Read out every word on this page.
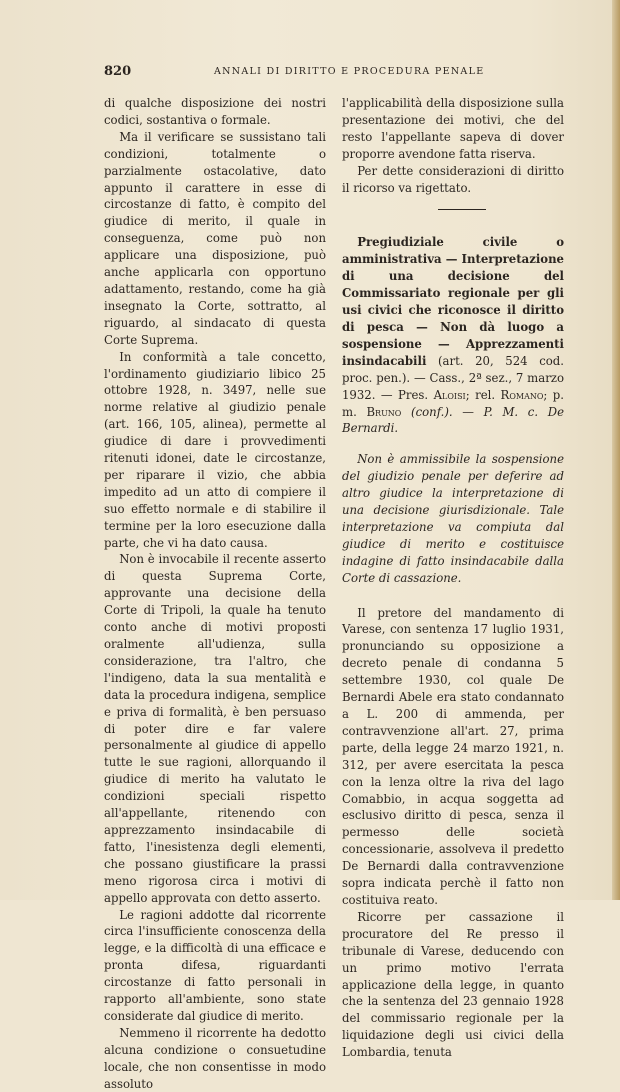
820	ANNALI DI DIRITTO E PROCEDURA PENALE

di qualche disposizione dei nostri codici, sostantiva o formale.

Ma il verificare se sussistano tali condizioni, totalmente o parzialmente ostacolative, dato appunto il carattere in esse di circostanze di fatto, è compito del giudice di merito, il quale in conseguenza, come può non applicare una disposizione, può anche applicarla con opportuno adattamento, restando, come ha già insegnato la Corte, sottratto, al riguardo, al sindacato di questa Corte Suprema.

In conformità a tale concetto, l'ordinamento giudiziario libico 25 ottobre 1928, n. 3497, nelle sue norme relative al giudizio penale (art. 166, 105, alinea), permette al giudice di dare i provvedimenti ritenuti idonei, date le circostanze, per riparare il vizio, che abbia impedito ad un atto di compiere il suo effetto normale e di stabilire il termine per la loro esecuzione dalla parte, che vi ha dato causa.

Non è invocabile il recente asserto di questa Suprema Corte, approvante una decisione della Corte di Tripoli, la quale ha tenuto conto anche di motivi proposti oralmente all'udienza, sulla considerazione, tra l'altro, che l'indigeno, data la sua mentalità e data la procedura indigena, semplice e priva di formalità, è ben persuaso di poter dire e far valere personalmente al giudice di appello tutte le sue ragioni, allorquando il giudice di merito ha valutato le condizioni speciali rispetto all'appellante, ritenendo con apprezzamento insindacabile di fatto, l'inesistenza degli elementi, che possano giustificare la prassi meno rigorosa circa i motivi di appello approvata con detto asserto.

Le ragioni addotte dal ricorrente circa l'insufficiente conoscenza della legge, e la difficoltà di una efficace e pronta difesa, riguardanti circostanze di fatto personali in rapporto all'ambiente, sono state considerate dal giudice di merito.

Nemmeno il ricorrente ha dedotto alcuna condizione o consuetudine locale, che non consentisse in modo assoluto

l'applicabilità della disposizione sulla presentazione dei motivi, che del resto l'appellante sapeva di dover proporre avendone fatta riserva.

Per dette considerazioni di diritto il ricorso va rigettato.

Pregiudiziale civile o amministrativa — Interpretazione di una decisione del Commissariato regionale per gli usi civici che riconosce il diritto di pesca — Non dà luogo a sospensione — Apprezzamenti insindacabili (art. 20, 524 cod. proc. pen.). — Cass., 2ª sez., 7 marzo 1932. — Pres. Aloisi; rel. Romano; p. m. Bruno (conf.). — P. M. c. De Bernardi.

Non è ammissibile la sospensione del giudizio penale per deferire ad altro giudice la interpretazione di una decisione giurisdizionale. Tale interpretazione va compiuta dal giudice di merito e costituisce indagine di fatto insindacabile dalla Corte di cassazione.

Il pretore del mandamento di Varese, con sentenza 17 luglio 1931, pronunciando su opposizione a decreto penale di condanna 5 settembre 1930, col quale De Bernardi Abele era stato condannato a L. 200 di ammenda, per contravvenzione all'art. 27, prima parte, della legge 24 marzo 1921, n. 312, per avere esercitata la pesca con la lenza oltre la riva del lago Comabbio, in acqua soggetta ad esclusivo diritto di pesca, senza il permesso delle società concessionarie, assolveva il predetto De Bernardi dalla contravvenzione sopra indicata perchè il fatto non costituiva reato.

Ricorre per cassazione il procuratore del Re presso il tribunale di Varese, deducendo con un primo motivo l'errata applicazione della legge, in quanto che la sentenza del 23 gennaio 1928 del commissario regionale per la liquidazione degli usi civici della Lombardia, tenuta
